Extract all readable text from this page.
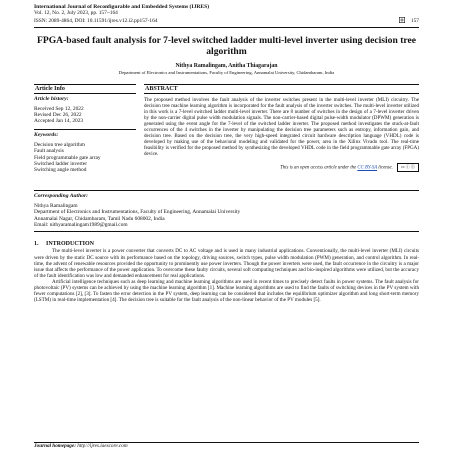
International Journal of Reconfigurable and Embedded Systems (IJRES)
Vol. 12, No. 2, July 2023, pp. 157~164
ISSN: 2089-4864, DOI: 10.11591/ijres.v12.i2.pp157-164	157
FPGA-based fault analysis for 7-level switched ladder multi-level inverter using decision tree algorithm
Nithya Ramalingam, Anitha Thiagarajan
Department of Electronics and Instrumentations, Faculty of Engineering, Annamalai University, Chidambaram, India
Article Info
Article history:
Received Sep 12, 2022
Revised Dec 26, 2022
Accepted Jan 14, 2023
Keywords:
Decision tree algorithm
Fault analysis
Field programmable gate array
Switched ladder inverter
Switching angle method
ABSTRACT
The proposed method involves the fault analysis of the inverter switches present in the multi-level inverter (MLI) circuitry. The decision tree machine learning algorithm is incorporated for the fault analysis of the inverter switches. The multi-level inverter utilized in this work is a 7-level switched ladder multi-level inverter. There are 8 number of switches in the design of a 7-level inverter driven by the non-carrier digital pulse width modulation signals. The non-carrier-based digital pulse-width modulator (DPWM) generation is generated using the event angle for the 7-level of the switched ladder inverter. The proposed method investigates the stuck-at-fault occurrences of the 4 switches in the inverter by manipulating the decision tree parameters such as entropy, information gain, and decision tree. Based on the decision tree, the very high-speed integrated circuit hardware description language (VHDL) code is developed by making use of the behavioral modeling and validated for the power, area in the Xilinx Vivado tool. The real-time feasibility is verified for the proposed method by synthesizing the developed VHDL code in the field programmable gate array (FPGA) device.
This is an open access article under the CC BY-SA license. cc ⓘ ⓢ
Corresponding Author:
Nithya Ramalingam
Department of Electronics and Instrumentations, Faculty of Engineering, Annamalai University
Annamalai Nagar, Chidambaram, Tamil Nadu 608002, India
Email: nithyaramalingam1989@gmail.com
1. INTRODUCTION

The multi-level inverter is a power converter that converts DC to AC voltage and is used in many industrial applications. Conventionally, the multi-level inverter (MLI) circuits were driven by the static DC source with its performance based on the topology, driving sources, switch types, pulse width modulation (PWM) generation, and control algorithm. In real-time, the advent of renewable resources provided the opportunity to prominently use power inverters. Though the power inverters were used, the fault occurrence in the circuitry is a major issue that affects the performance of the power application. To overcome these faulty circuits, several soft computing techniques and bio-inspired algorithms were utilized, but the accuracy of the fault identification was low and demanded enhancement for real applications.

Artificial intelligence techniques such as deep learning and machine learning algorithms are used in recent times to precisely detect faults in power systems. The fault analysis for photovoltaic (PV) systems can be achieved by using the machine learning algorithm [1]. Machine learning algorithms are used to find the faults of switching devices in the PV system with fewer computations [2], [3]. To fasten the error detection in the PV system, deep learning can be considered that includes the equilibrium optimizer algorithm and long short-term memory (LSTM) in real-time implementation [4]. The decision tree is suitable for the fault analysis of the non-linear behavior of the PV modules [5].

Journal homepage: http://ijres.iaescore.com
